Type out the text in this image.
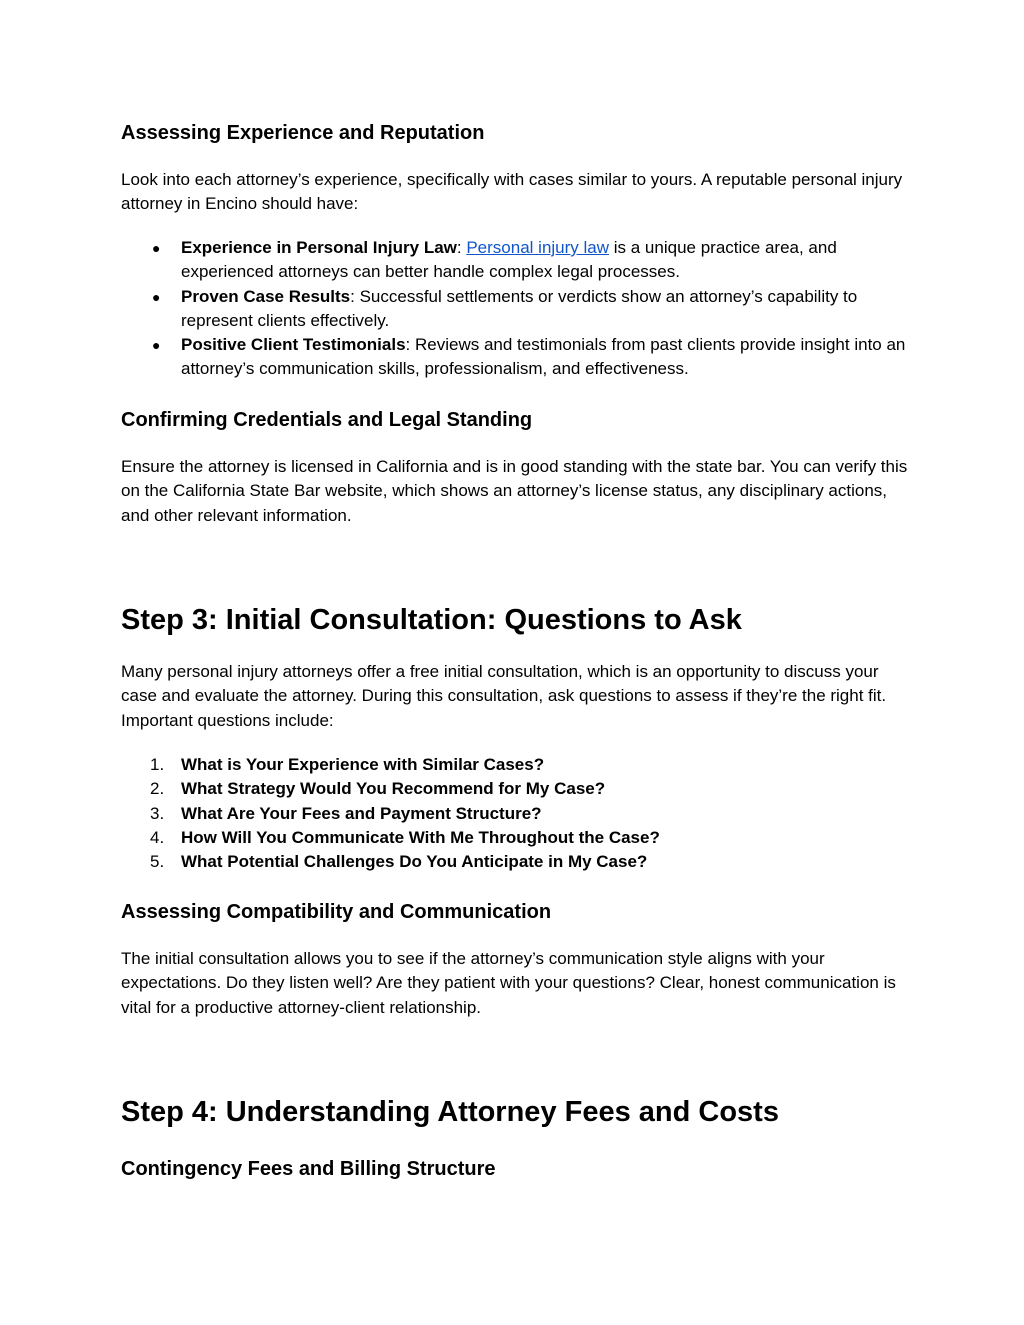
Assessing Experience and Reputation

Look into each attorney’s experience, specifically with cases similar to yours. A reputable personal injury attorney in Encino should have:

● Experience in Personal Injury Law: Personal injury law is a unique practice area, and experienced attorneys can better handle complex legal processes.
● Proven Case Results: Successful settlements or verdicts show an attorney’s capability to represent clients effectively.
● Positive Client Testimonials: Reviews and testimonials from past clients provide insight into an attorney’s communication skills, professionalism, and effectiveness.
Confirming Credentials and Legal Standing

Ensure the attorney is licensed in California and is in good standing with the state bar. You can verify this on the California State Bar website, which shows an attorney’s license status, any disciplinary actions, and other relevant information.

Step 3: Initial Consultation: Questions to Ask

Many personal injury attorneys offer a free initial consultation, which is an opportunity to discuss your case and evaluate the attorney. During this consultation, ask questions to assess if they’re the right fit. Important questions include:

1. What is Your Experience with Similar Cases?
2. What Strategy Would You Recommend for My Case?
3. What Are Your Fees and Payment Structure?
4. How Will You Communicate With Me Throughout the Case?
5. What Potential Challenges Do You Anticipate in My Case?
Assessing Compatibility and Communication

The initial consultation allows you to see if the attorney’s communication style aligns with your expectations. Do they listen well? Are they patient with your questions? Clear, honest communication is vital for a productive attorney-client relationship.

Step 4: Understanding Attorney Fees and Costs
Contingency Fees and Billing Structure
